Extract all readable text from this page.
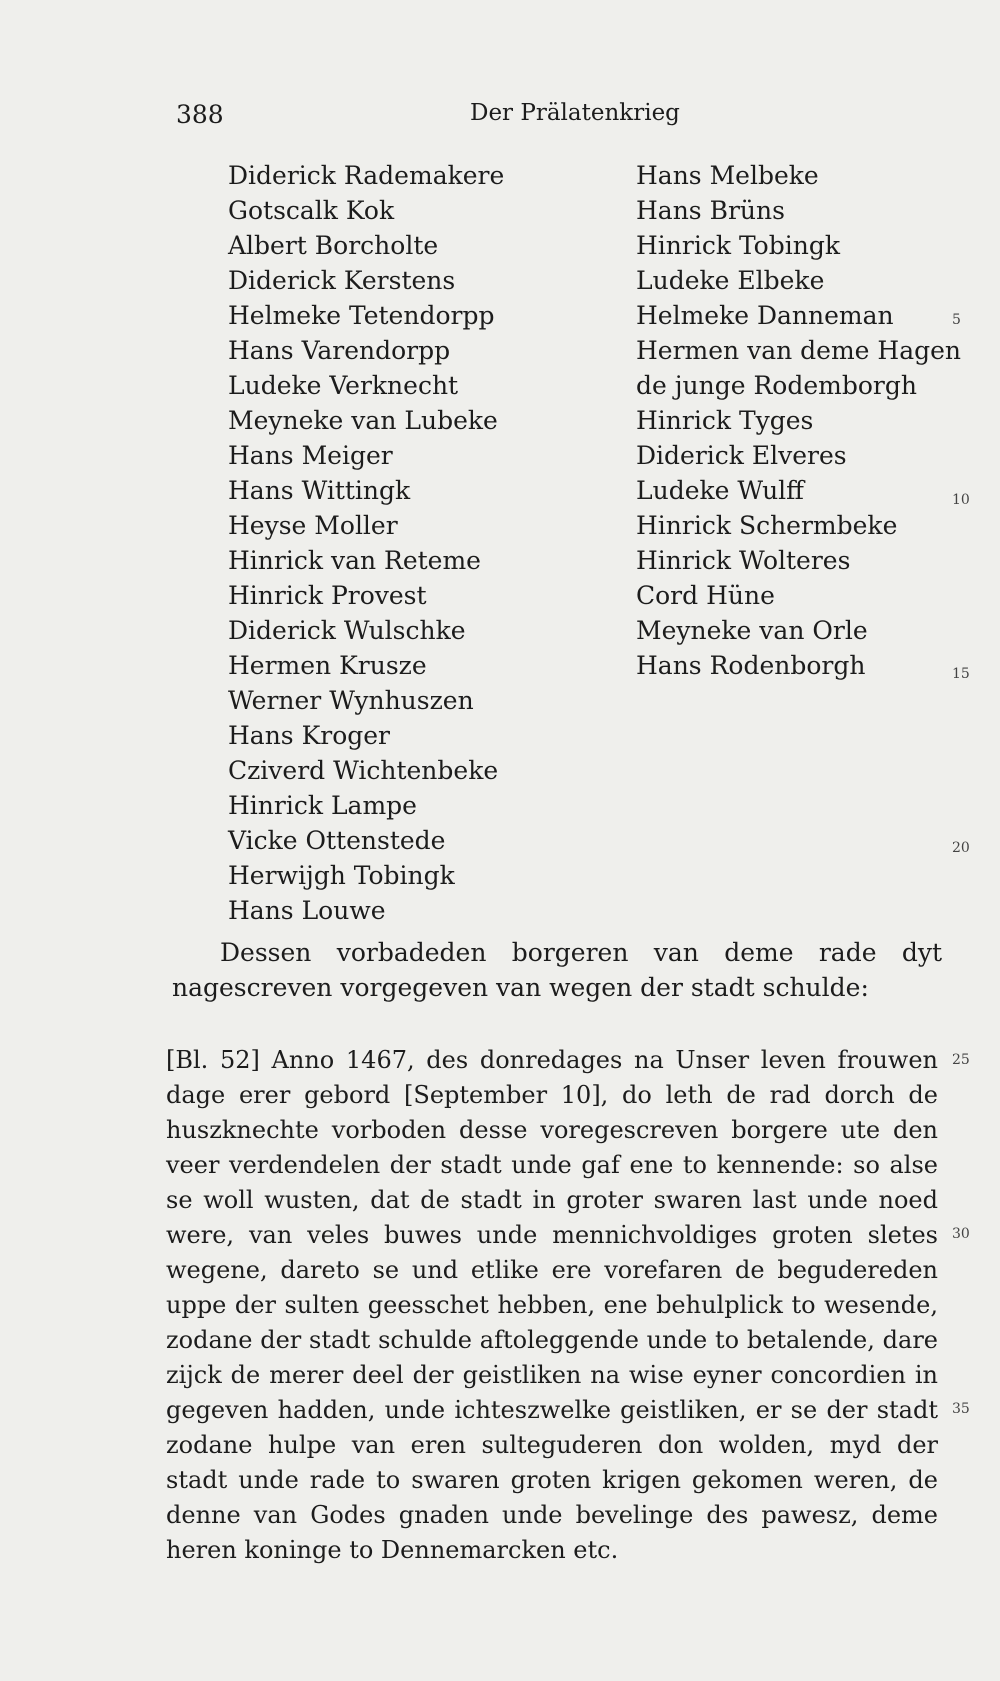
388	Der Prälatenkrieg
Diderick Rademakere
Gotscalk Kok
Albert Borcholte
Diderick Kerstens
Helmeke Tetendorpp
Hans Varendorpp
Ludeke Verknecht
Meyneke van Lubeke
Hans Meiger
Hans Wittingk
Heyse Moller
Hinrick van Reteme
Hinrick Provest
Diderick Wulschke
Hermen Krusze
Werner Wynhuszen
Hans Kroger
Cziverd Wichtenbeke
Hinrick Lampe
Vicke Ottenstede
Herwijgh Tobingk
Hans Louwe
Hans Melbeke
Hans Brüns
Hinrick Tobingk
Ludeke Elbeke
Helmeke Danneman
Hermen van deme Hagen
de junge Rodemborgh
Hinrick Tyges
Diderick Elveres
Ludeke Wulff
Hinrick Schermbeke
Hinrick Wolteres
Cord Hüne
Meyneke van Orle
Hans Rodenborgh
5
10
15
20
25
30
35

Dessen vorbadeden borgeren van deme rade dyt nagescreven vorgegeven van wegen der stadt schulde:

[Bl. 52] Anno 1467, des donredages na Unser leven frouwen dage erer gebord [September 10], do leth de rad dorch de huszknechte vorboden desse voregescreven borgere ute den veer verdendelen der stadt unde gaf ene to kennende: so alse se woll wusten, dat de stadt in groter swaren last unde noed were, van veles buwes unde mennichvoldiges groten sletes wegene, dareto se und etlike ere vorefaren de begudereden uppe der sulten geesschet hebben, ene behulplick to wesende, zodane der stadt schulde aftoleggende unde to betalende, dare zijck de merer deel der geistliken na wise eyner concordien in gegeven hadden, unde ichteszwelke geistliken, er se der stadt zodane hulpe van eren sulteguderen don wolden, myd der stadt unde rade to swaren groten krigen gekomen weren, de denne van Godes gnaden unde bevelinge des pawesz, deme heren koninge to Dennemarcken etc.
